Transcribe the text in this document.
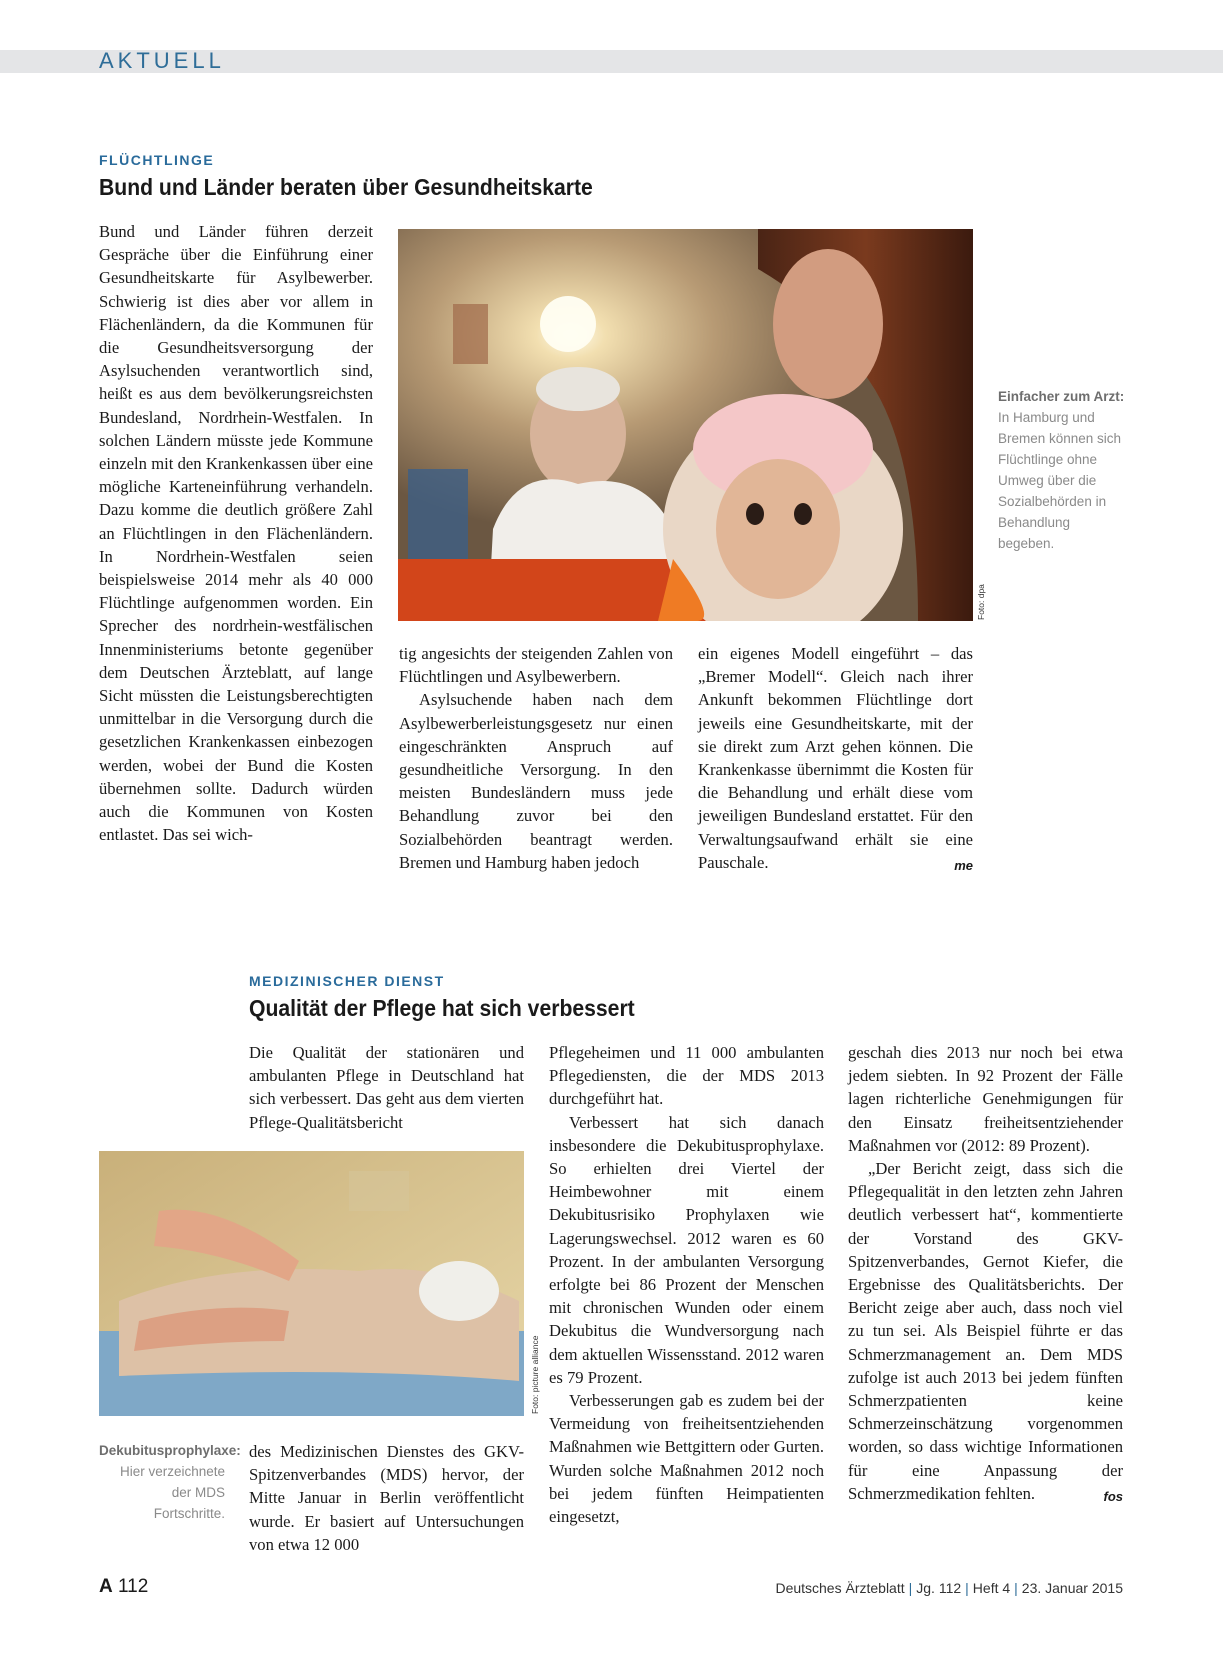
AKTUELL
FLÜCHTLINGE
Bund und Länder beraten über Gesundheitskarte

Bund und Länder führen derzeit Gespräche über die Einführung einer Gesundheitskarte für Asylbewerber. Schwierig ist dies aber vor allem in Flächenländern, da die Kommunen für die Gesundheitsversorgung der Asylsuchenden verantwortlich sind, heißt es aus dem bevölkerungsreichsten Bundesland, Nordrhein-Westfalen. In solchen Ländern müsste jede Kommune einzeln mit den Krankenkassen über eine mögliche Karteneinführung verhandeln. Dazu komme die deutlich größere Zahl an Flüchtlingen in den Flächenländern. In Nordrhein-Westfalen seien beispielsweise 2014 mehr als 40 000 Flüchtlinge aufgenommen worden. Ein Sprecher des nordrhein-westfälischen Innenministeriums betonte gegenüber dem Deutschen Ärzteblatt, auf lange Sicht müssten die Leistungsberechtigten unmittelbar in die Versorgung durch die gesetzlichen Krankenkassen einbezogen werden, wobei der Bund die Kosten übernehmen sollte. Dadurch würden auch die Kommunen von Kosten entlastet. Das sei wich-

Foto: dpa
Einfacher zum Arzt: In Hamburg und Bremen können sich Flüchtlinge ohne Umweg über die Sozialbehörden in Behandlung begeben.

tig angesichts der steigenden Zahlen von Flüchtlingen und Asylbewerbern.

Asylsuchende haben nach dem Asylbewerberleistungsgesetz nur einen eingeschränkten Anspruch auf gesundheitliche Versorgung. In den meisten Bundesländern muss jede Behandlung zuvor bei den Sozialbehörden beantragt werden. Bremen und Hamburg haben jedoch

ein eigenes Modell eingeführt – das „Bremer Modell“. Gleich nach ihrer Ankunft bekommen Flüchtlinge dort jeweils eine Gesundheitskarte, mit der sie direkt zum Arzt gehen können. Die Krankenkasse übernimmt die Kosten für die Behandlung und erhält diese vom jeweiligen Bundesland erstattet. Für den Verwaltungsaufwand erhält sie eine Pauschale.	me

MEDIZINISCHER DIENST
Qualität der Pflege hat sich verbessert

Die Qualität der stationären und ambulanten Pflege in Deutschland hat sich verbessert. Das geht aus dem vierten Pflege-Qualitätsbericht

Foto: picture alliance
Dekubitusprophylaxe: Hier verzeichnete der MDS Fortschritte.

des Medizinischen Dienstes des GKV-Spitzenverbandes (MDS) hervor, der Mitte Januar in Berlin veröffentlicht wurde. Er basiert auf Untersuchungen von etwa 12 000

Pflegeheimen und 11 000 ambulanten Pflegediensten, die der MDS 2013 durchgeführt hat.

Verbessert hat sich danach insbesondere die Dekubitusprophylaxe. So erhielten drei Viertel der Heimbewohner mit einem Dekubitusrisiko Prophylaxen wie Lagerungswechsel. 2012 waren es 60 Prozent. In der ambulanten Versorgung erfolgte bei 86 Prozent der Menschen mit chronischen Wunden oder einem Dekubitus die Wundversorgung nach dem aktuellen Wissensstand. 2012 waren es 79 Prozent.

Verbesserungen gab es zudem bei der Vermeidung von freiheitsentziehenden Maßnahmen wie Bettgittern oder Gurten. Wurden solche Maßnahmen 2012 noch bei jedem fünften Heimpatienten eingesetzt,

geschah dies 2013 nur noch bei etwa jedem siebten. In 92 Prozent der Fälle lagen richterliche Genehmigungen für den Einsatz freiheitsentziehender Maßnahmen vor (2012: 89 Prozent).

„Der Bericht zeigt, dass sich die Pflegequalität in den letzten zehn Jahren deutlich verbessert hat“, kommentierte der Vorstand des GKV-Spitzenverbandes, Gernot Kiefer, die Ergebnisse des Qualitätsberichts. Der Bericht zeige aber auch, dass noch viel zu tun sei. Als Beispiel führte er das Schmerzmanagement an. Dem MDS zufolge ist auch 2013 bei jedem fünften Schmerzpatienten keine Schmerzeinschätzung vorgenommen worden, so dass wichtige Informationen für eine Anpassung der Schmerzmedikation fehlten.	fos

A 112	Deutsches Ärzteblatt | Jg. 112 | Heft 4 | 23. Januar 2015
